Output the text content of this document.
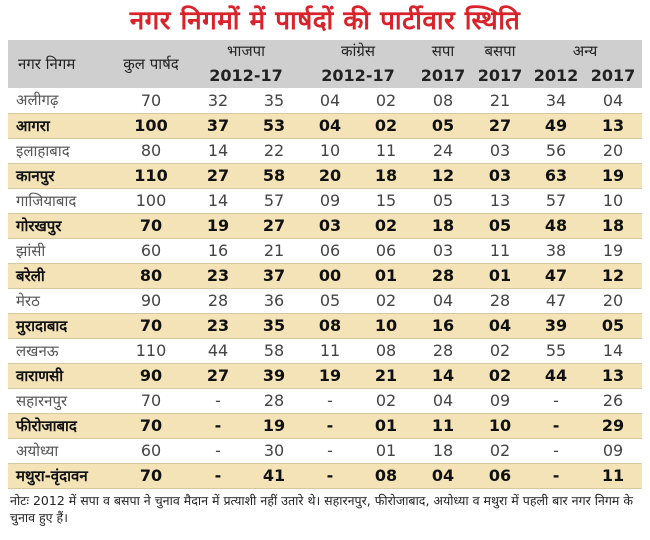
नगर निगमों में पार्षदों की पार्टीवार स्थिति
नगर निगम	कुल पार्षद	भाजपा		कांग्रेस		सपा	बसपा	अन्य	
		2012-17		2012-17		2017	2017	2012	2017
अलीगढ़	70	32	35	04	02	08	21	34	04
आगरा	100	37	53	04	02	05	27	49	13
इलाहाबाद	80	14	22	10	11	24	03	56	20
कानपुर	110	27	58	20	18	12	03	63	19
गाजियाबाद	100	14	57	09	15	05	13	57	10
गोरखपुर	70	19	27	03	02	18	05	48	18
झांसी	60	16	21	06	06	03	11	38	19
बरेली	80	23	37	00	01	28	01	47	12
मेरठ	90	28	36	05	02	04	28	47	20
मुरादाबाद	70	23	35	08	10	16	04	39	05
लखनऊ	110	44	58	11	08	28	02	55	14
वाराणसी	90	27	39	19	21	14	02	44	13
सहारनपुर	70	-	28	-	02	04	09	-	26
फीरोजाबाद	70	-	19	-	01	11	10	-	29
अयोध्या	60	-	30	-	01	18	02	-	09
मथुरा-वृंदावन	70	-	41	-	08	04	06	-	11
नोटः 2012 में सपा व बसपा ने चुनाव मैदान में प्रत्याशी नहीं उतारे थे। सहारनपुर, फीरोजाबाद, अयोध्या व मथुरा में पहली बार नगर निगम के चुनाव हुए हैं।
